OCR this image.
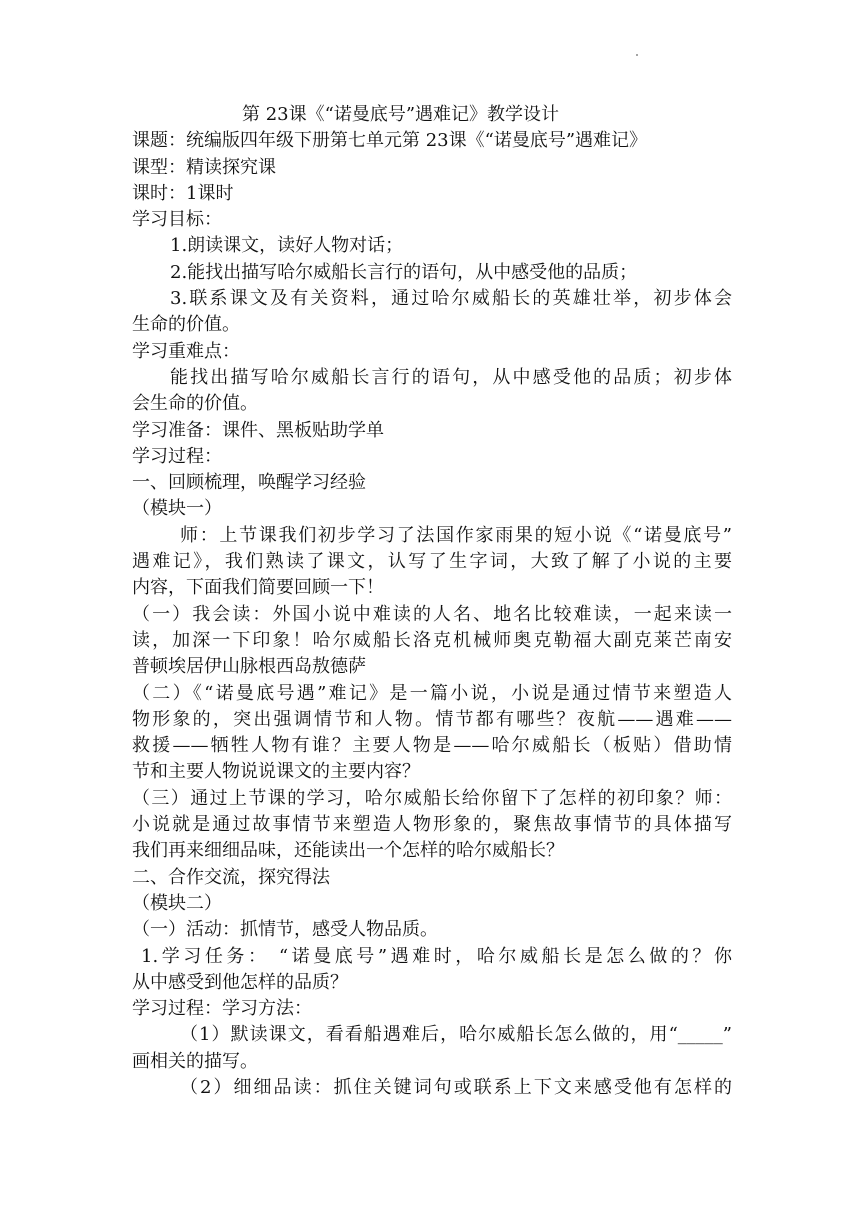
第 23课《“诺曼底号”遇难记》教学设计
课题：统编版四年级下册第七单元第 23课《“诺曼底号”遇难记》
课型：精读探究课
课时：1课时
学习目标：
1.朗读课文，读好人物对话；
2.能找出描写哈尔威船长言行的语句，从中感受他的品质；
3.联系课文及有关资料，通过哈尔威船长的英雄壮举，初步体会
生命的价值。
学习重难点：
能找出描写哈尔威船长言行的语句，从中感受他的品质；初步体
会生命的价值。
学习准备：课件、黑板贴助学单
学习过程：
一、回顾梳理，唤醒学习经验
（模块一）
师：上节课我们初步学习了法国作家雨果的短小说《“诺曼底号”
遇难记》，我们熟读了课文，认写了生字词，大致了解了小说的主要
内容，下面我们简要回顾一下！
（一）我会读：外国小说中难读的人名、地名比较难读，一起来读一
读，加深一下印象！哈尔威船长洛克机械师奥克勒福大副克莱芒南安
普顿埃居伊山脉根西岛敖德萨
（二）《“诺曼底号遇”难记》是一篇小说，小说是通过情节来塑造人
物形象的，突出强调情节和人物。情节都有哪些？夜航——遇难——
救援——牺牲人物有谁？主要人物是——哈尔威船长（板贴）借助情
节和主要人物说说课文的主要内容？
（三）通过上节课的学习，哈尔威船长给你留下了怎样的初印象？师：
小说就是通过故事情节来塑造人物形象的，聚焦故事情节的具体描写
我们再来细细品味，还能读出一个怎样的哈尔威船长？
二、合作交流，探究得法
（模块二）
（一）活动：抓情节，感受人物品质。
1.学习任务： “诺曼底号”遇难时，哈尔威船长是怎么做的？你
从中感受到他怎样的品质？
学习过程：学习方法：
（1）默读课文，看看船遇难后，哈尔威船长怎么做的，用“_____”
画相关的描写。
（2）细细品读：抓住关键词句或联系上下文来感受他有怎样的
